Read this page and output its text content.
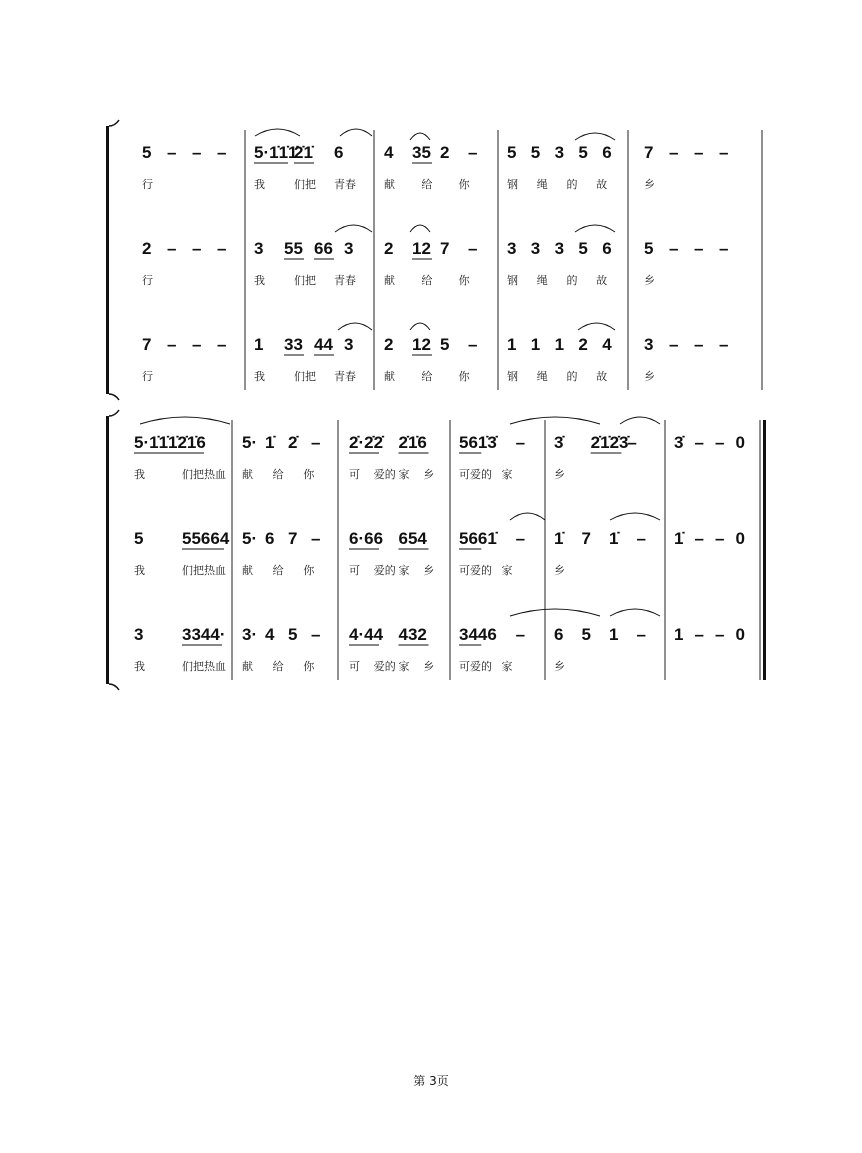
5 – – –
行
5·1̇1̇1̇
2̇1̇ 6
我	们把 青春
4 35 2 –
献 给 你
5 5 3 5 6
钢 绳 的 故
7 – – –
乡
2 – – –
行
3 55 66 3
我	们把 青春
2 12 7 –
献 给 你
3 3 3 5 6
钢 绳 的 故
5 – – –
乡
7 – – –
行
1 33 44 3
我	们把 青春
2 12 5 –
献 给 你
1 1 1 2 4
钢 绳 的 故
3 – – –
乡
5·1̇1̇1̇2̇1̇6
我	们把热血
5· 1̇ 2̇ –
献 给 你
2̇·2̇2̇ 2̇1̇6
可 爱的 家 乡
561̇ 3̇ –
可爱的 家
3̇ 2̇1̇2̇3̇
–
乡
3̇ – – 0
5 55664
我	们把热血
5· 6 7 –
献 给 你
6·66 654
可 爱的 家 乡
566 1̇ –
可爱的 家
1̇ 7 1̇ –
乡
1̇ – – 0
3 3344·
我	们把热血
3· 4 5 –
献 给 你
4·44 432
可 爱的 家 乡
344 6 –
可爱的 家
6 5 1 –
乡
1 – – 0
第 3页
